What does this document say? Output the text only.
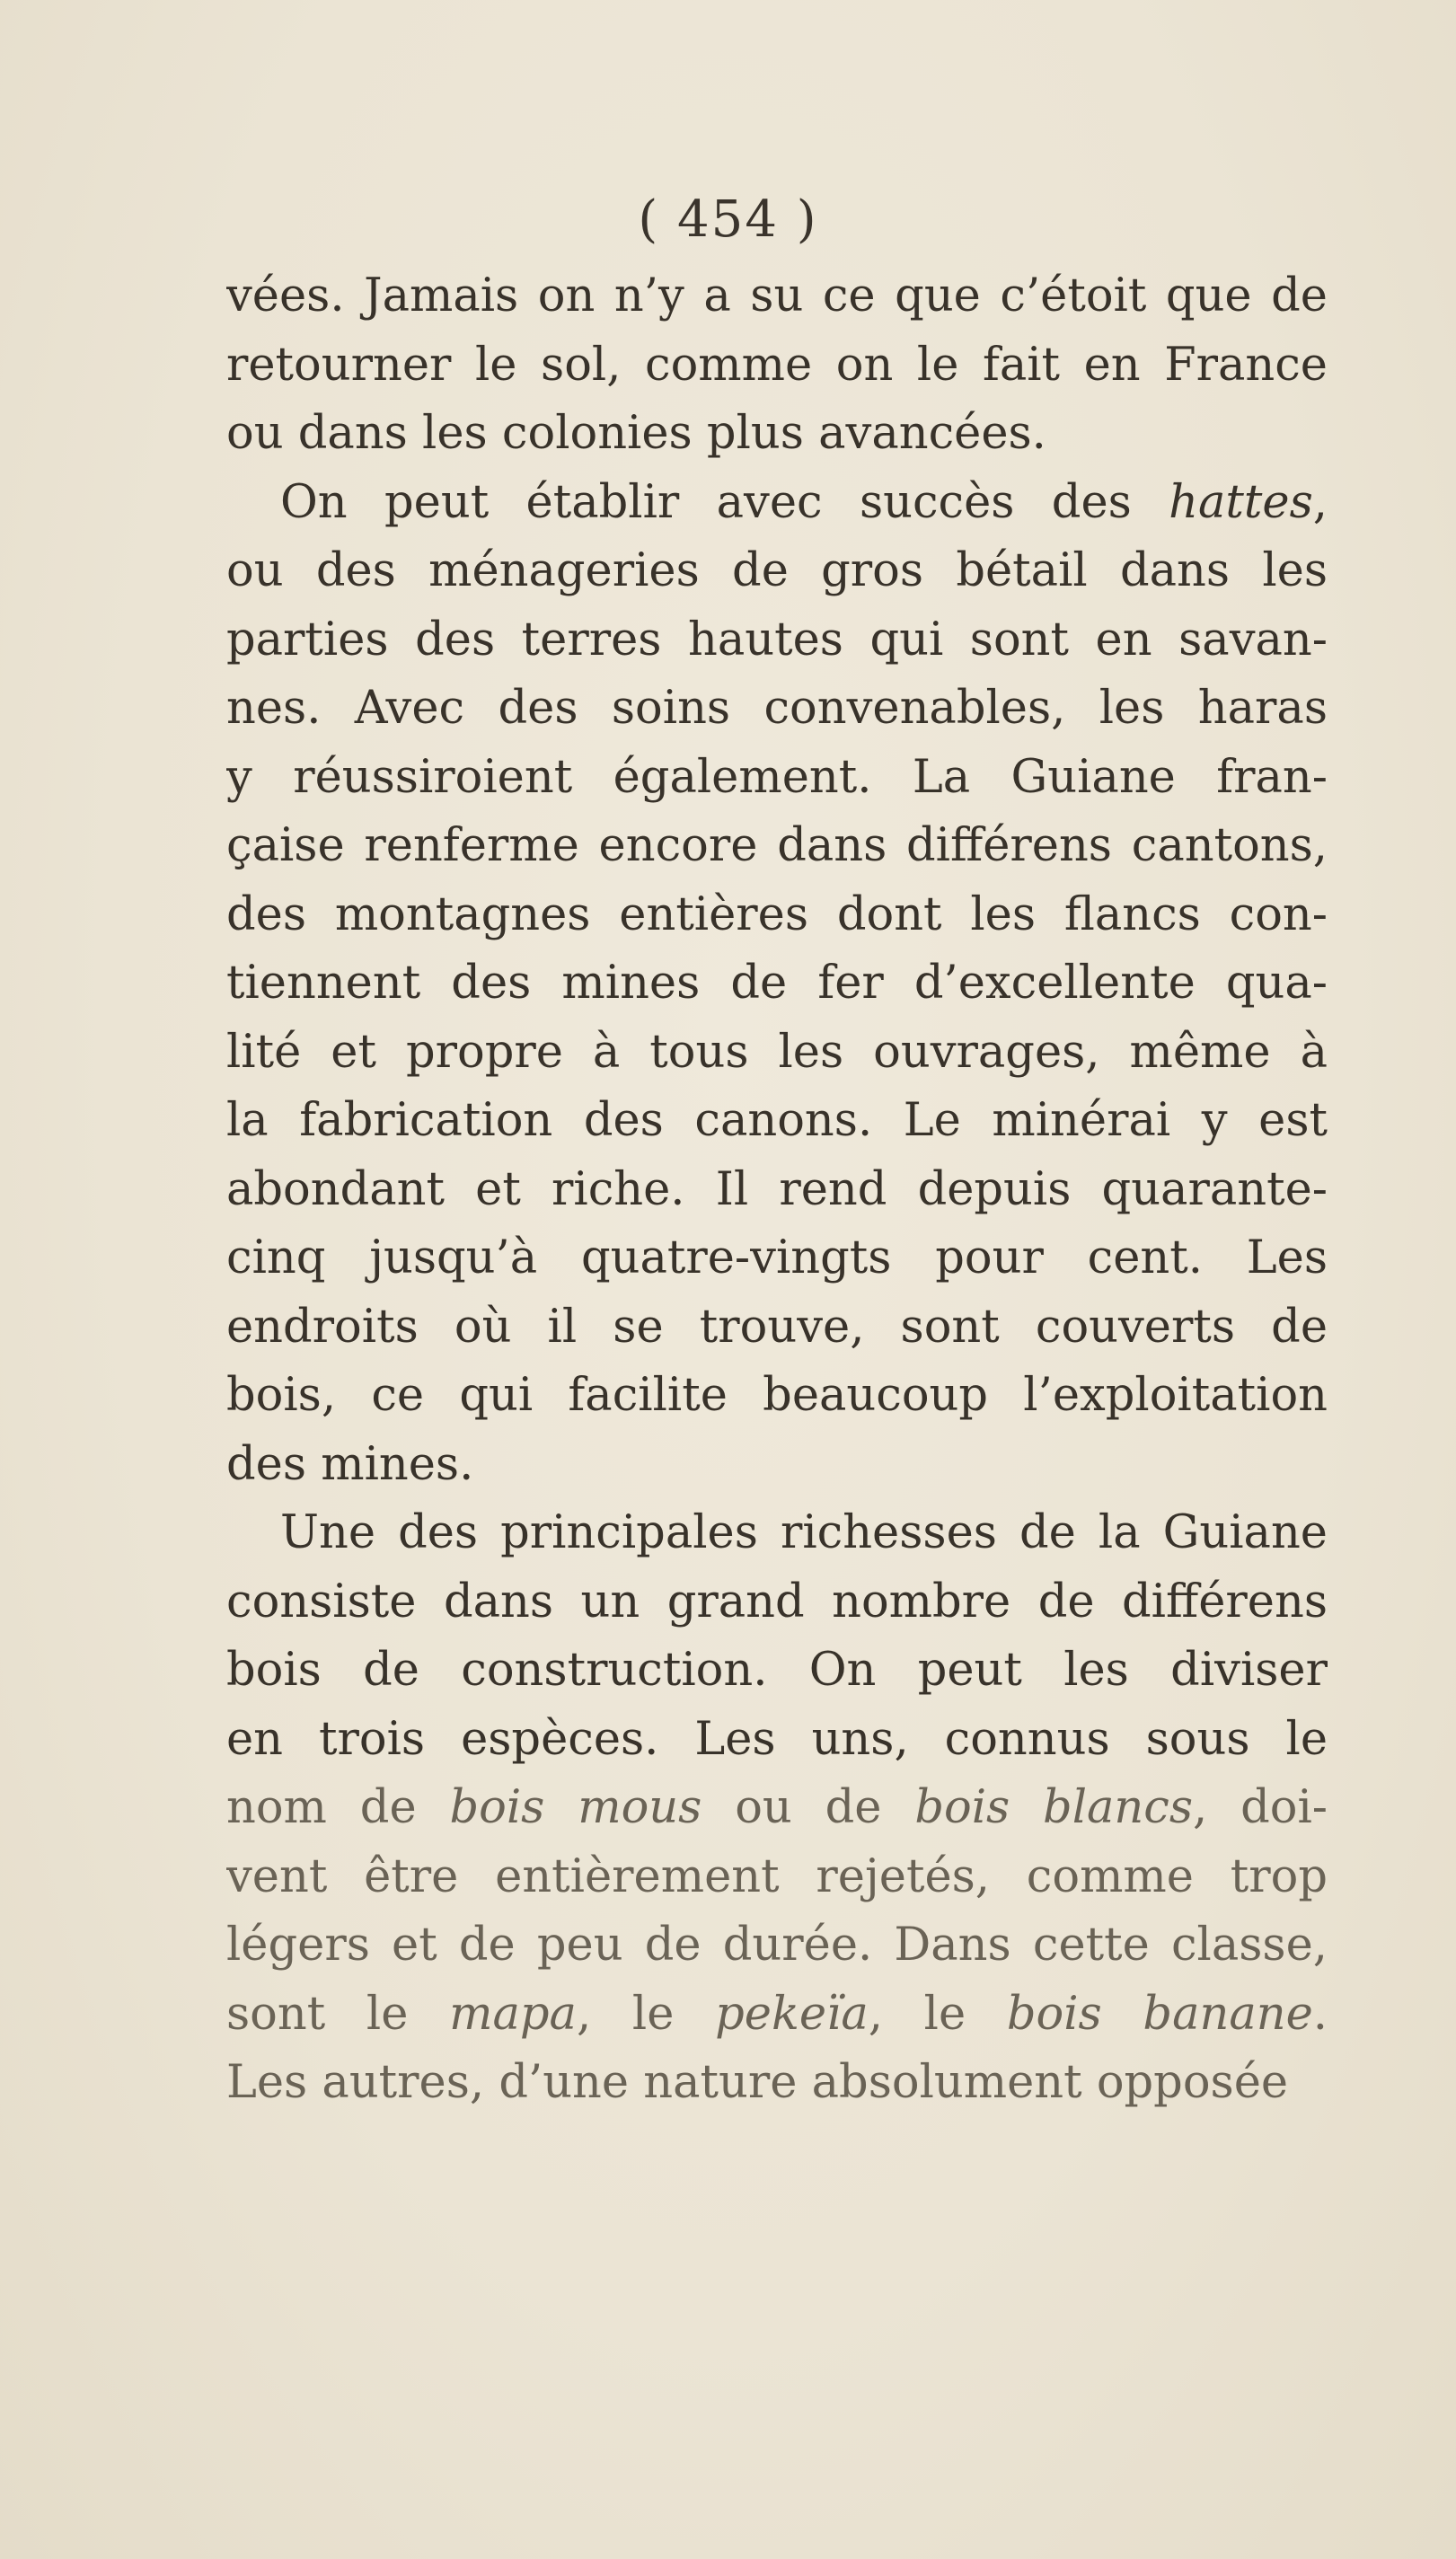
( 454 )
vées. Jamais on n’y a su ce que c’étoit que de
retourner le sol, comme on le fait en France
ou dans les colonies plus avancées.
On peut établir avec succès des hattes,
ou des ménageries de gros bétail dans les
parties des terres hautes qui sont en savan-
nes. Avec des soins convenables, les haras
y réussiroient également. La Guiane fran-
çaise renferme encore dans différens cantons,
des montagnes entières dont les flancs con-
tiennent des mines de fer d’excellente qua-
lité et propre à tous les ouvrages, même à
la fabrication des canons. Le minérai y est
abondant et riche. Il rend depuis quarante-
cinq jusqu’à quatre-vingts pour cent. Les
endroits où il se trouve, sont couverts de
bois, ce qui facilite beaucoup l’exploitation
des mines.
Une des principales richesses de la Guiane
consiste dans un grand nombre de différens
bois de construction. On peut les diviser
en trois espèces. Les uns, connus sous le
nom de bois mous ou de bois blancs, doi-
vent être entièrement rejetés, comme trop
légers et de peu de durée. Dans cette classe,
sont le mapa, le pekeïa, le bois banane.
Les autres, d’une nature absolument opposée
